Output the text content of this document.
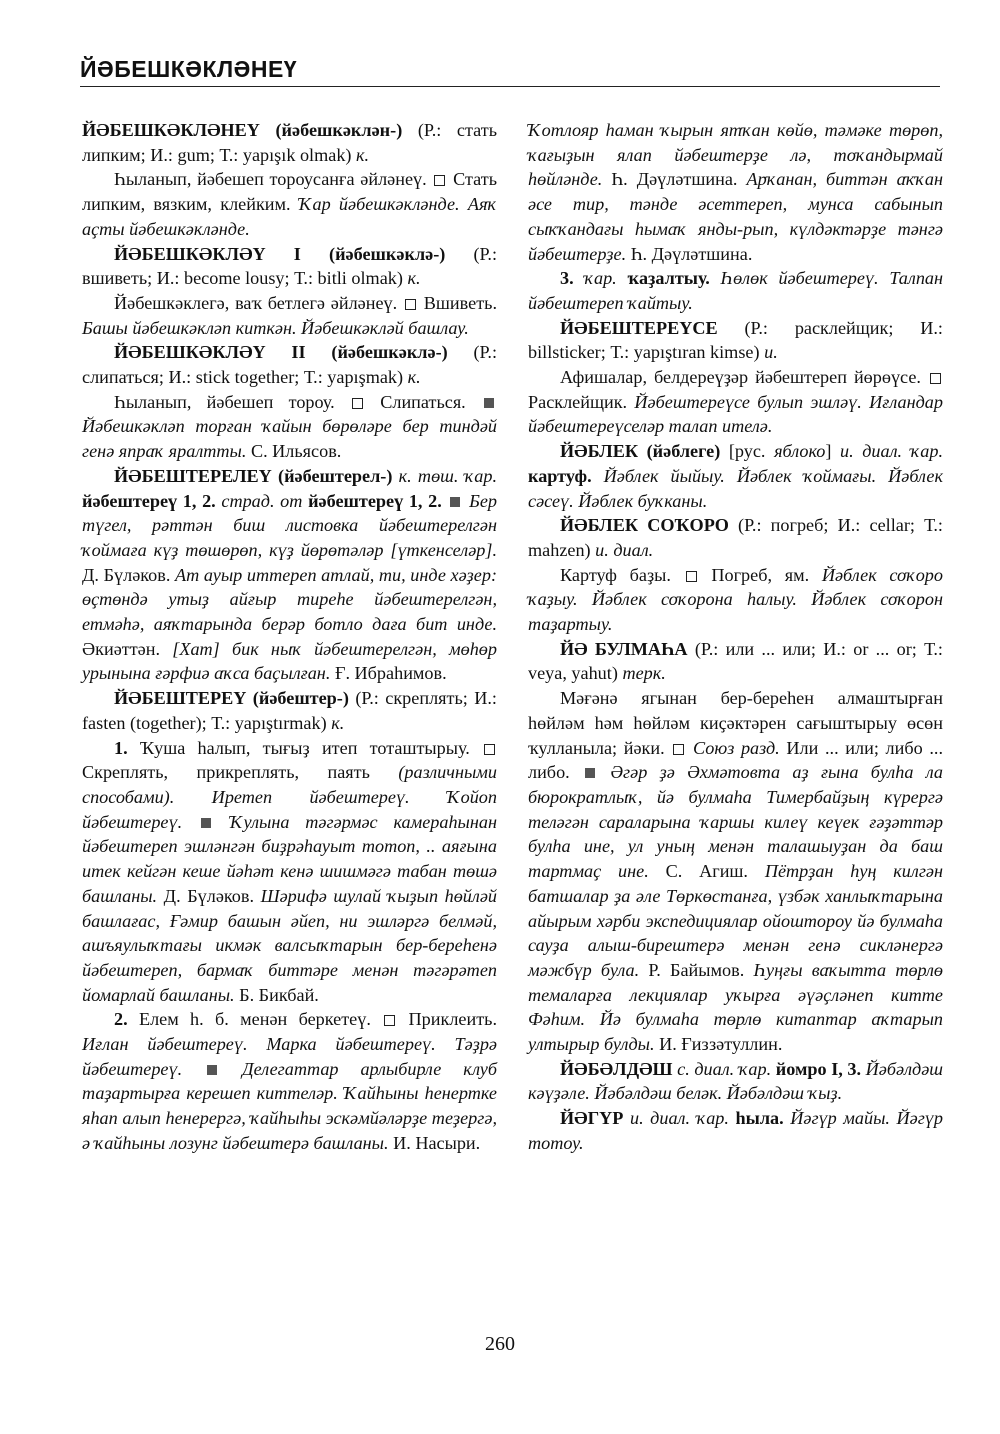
ЙӘБЕШКӘКЛӘНЕҮ

ЙӘБЕШКӘКЛӘНЕҮ (йәбешкәклән-) (Р.: стать липким; И.: gum; Т.: yapışık olmak) к.

Һыланып, йәбешеп тороусанға әйләнеү.  Стать липким, вязким, клейким. Ҡар йәбешкәкләнде. Аяҡ аҫты йәбешкәкләнде.

ЙӘБЕШКӘКЛӘҮ I (йәбешкәклә-) (Р.: вшиветь; И.: become lousy; Т.: bitli olmak) к.

Йәбешкәклегә, ваҡ бетлегә әйләнеү.  Вшиветь. Башы йәбешкәкләп киткән. Йәбешкәкләй башлау.

ЙӘБЕШКӘКЛӘҮ II (йәбешкәклә-) (Р.: слипаться; И.: stick together; Т.: yapışmak) к.

Һыланып, йәбешеп тороу.  Слипаться.  Йәбешкәкләп торған ҡайын бөрөләре бер тиндәй генә япраҡ яралтты. С. Ильясов.

ЙӘБЕШТЕРЕЛЕҮ (йәбештерел-) к. төш. ҡар. йәбештереү 1, 2. страд. от йәбештереү 1, 2. Бер түгел, рәттән биш листовка йәбештерелгән ҡоймаға күҙ төшөрөп, күҙ йөрөтәләр [үткенселәр]. Д. Бүләков. Ат ауыр иттереп атлай, ти, инде хәҙер: өҫтөндә утыҙ айғыр тиреһе йәбештерелгән, етмәһә, аяҡтарында берәр ботло даға бит инде. Әкиәттән. [Хат] бик ныҡ йәбештерелгән, мөһөр урынына ғәрфиә аҡса баҫылған. Ғ. Ибраһимов.

ЙӘБЕШТЕРЕҮ (йәбештер-) (Р.: скреплять; И.: fasten (together); Т.: yapıştırmak) к.

1. Ҡуша һалып, тығыҙ итеп тоташтырыу.  Скреплять, прикреплять, паять (различными способами). Иретеп йәбештереү. Ҡойоп йәбештереү.	Ҡулына тәгәрмәс камераһынан йәбештереп эшләнгән биҙрәһауыт тотоп, .. аяғына итек кейгән кеше йәһәт кенә шишмәгә табан төшә башланы. Д. Бүләков. Шәрифә шулай ҡыҙып һөйләй башлағас, Ғәмир башын әйеп, ни эшләргә белмәй, ашъяулыҡтағы икмәк валсыҡтарын бер-береһенә йәбештереп, бармаҡ биттәре менән тәгәрәтеп йомарлай башланы. Б. Бикбай.

2. Елем һ. б. менән беркетеү.  Приклеить. Иғлан йәбештереү. Марка йәбештереү. Тәҙрә йәбештереү.	Делегаттар арлыбирле клуб таҙартырға керешеп киттеләр. Ҡайһыны һенертке яһап алып һенерергә, ҡайһыһы эскәмйәләрҙе теҙергә, ә ҡайһыны лозунг йәбештерә башланы. И. Насыри.

Ҡотлояр һаман ҡырын ятҡан көйө, тәмәке төрөп, ҡағыҙын ялап йәбештерҙе лә, тоҡандырмай һөйләнде. Һ. Дәүләтшина. Арҡанан, биттән аҡҡан әсе тир, тәнде әсеттереп, мунса сабынып сыҡҡандағы һымаҡ янды-рып, күлдәктәрҙе тәнгә йәбештерҙе. Һ. Дәүләтшина.

3. ҡар. ҡаҙалтыу. Һөлөк йәбештереү. Талпан йәбештереп ҡайтыу.

ЙӘБЕШТЕРЕҮСЕ (Р.: расклейщик; И.: billsticker; Т.: yapıştıran kimse) и.

Афишалар, белдереүҙәр йәбештереп йөрөүсе.  Расклейщик. Йәбештереүсе булып эшләү. Иғландар йәбештереүселәр талап ителә.

ЙӘБЛЕК (йәблеге) [рус. яблоко] и. диал. ҡар. картуф. Йәблек йыйыу. Йәблек ҡоймағы. Йәблек сәсеү. Йәблек буҡканы.

ЙӘБЛЕК СОҠОРО (Р.: погреб; И.: cellar; Т.: mahzen) и. диал.

Картуф баҙы.  Погреб, ям. Йәблек соҡоро ҡаҙыу. Йәблек соҡорона һалыу. Йәблек соҡорон таҙартыу.

ЙӘ БУЛМАҺА (Р.: или ... или; И.: or ... or; Т.: veya, yahut) терк.

Мәғәнә ягынан бер-береһен алмаштырған һөйләм һәм һөйләм киҫәктәрен сағыштырыу өсөн ҡулланыла; йәки.  Союз разд. Или ... или; либо ... либо.  Әгәр ҙә Әхмәтовта аҙ ғына булһа ла бюрократлыҡ, йә булмаһа Тимербайҙың күрергә теләгән сараларына ҡаршы килеү кеүек ғәҙәттәр булһа ине, ул уның менән талашыуҙан да баш тартмаҫ ине. С. Агиш. Пётрҙан һуң килгән батшалар ҙа әле Төркөстанға, үзбәк ханлыҡтарына айырым хәрби экспедициялар ойоштороу йә булмаһа сауҙа алыш-бирештерә менән генә сикләнергә мәжбүр була. Р. Байымов. Һуңғы ваҡытта төрлө темаларға лекциялар уҡырға әүәҫләнеп китте Фәһим. Йә булмаһа төрлө китаптар аҡтарып ултырыр булды. И. Ғиззәтуллин.

ЙӘБӘЛДӘШ с. диал. ҡар. йомро I, 3. Йәбәлдәш кәүҙәле. Йәбәлдәш беләк. Йәбәлдәш ҡыҙ.

ЙӘГҮР и. диал. ҡар. һыла. Йәгүр майы. Йәгүр тотоу.

260
